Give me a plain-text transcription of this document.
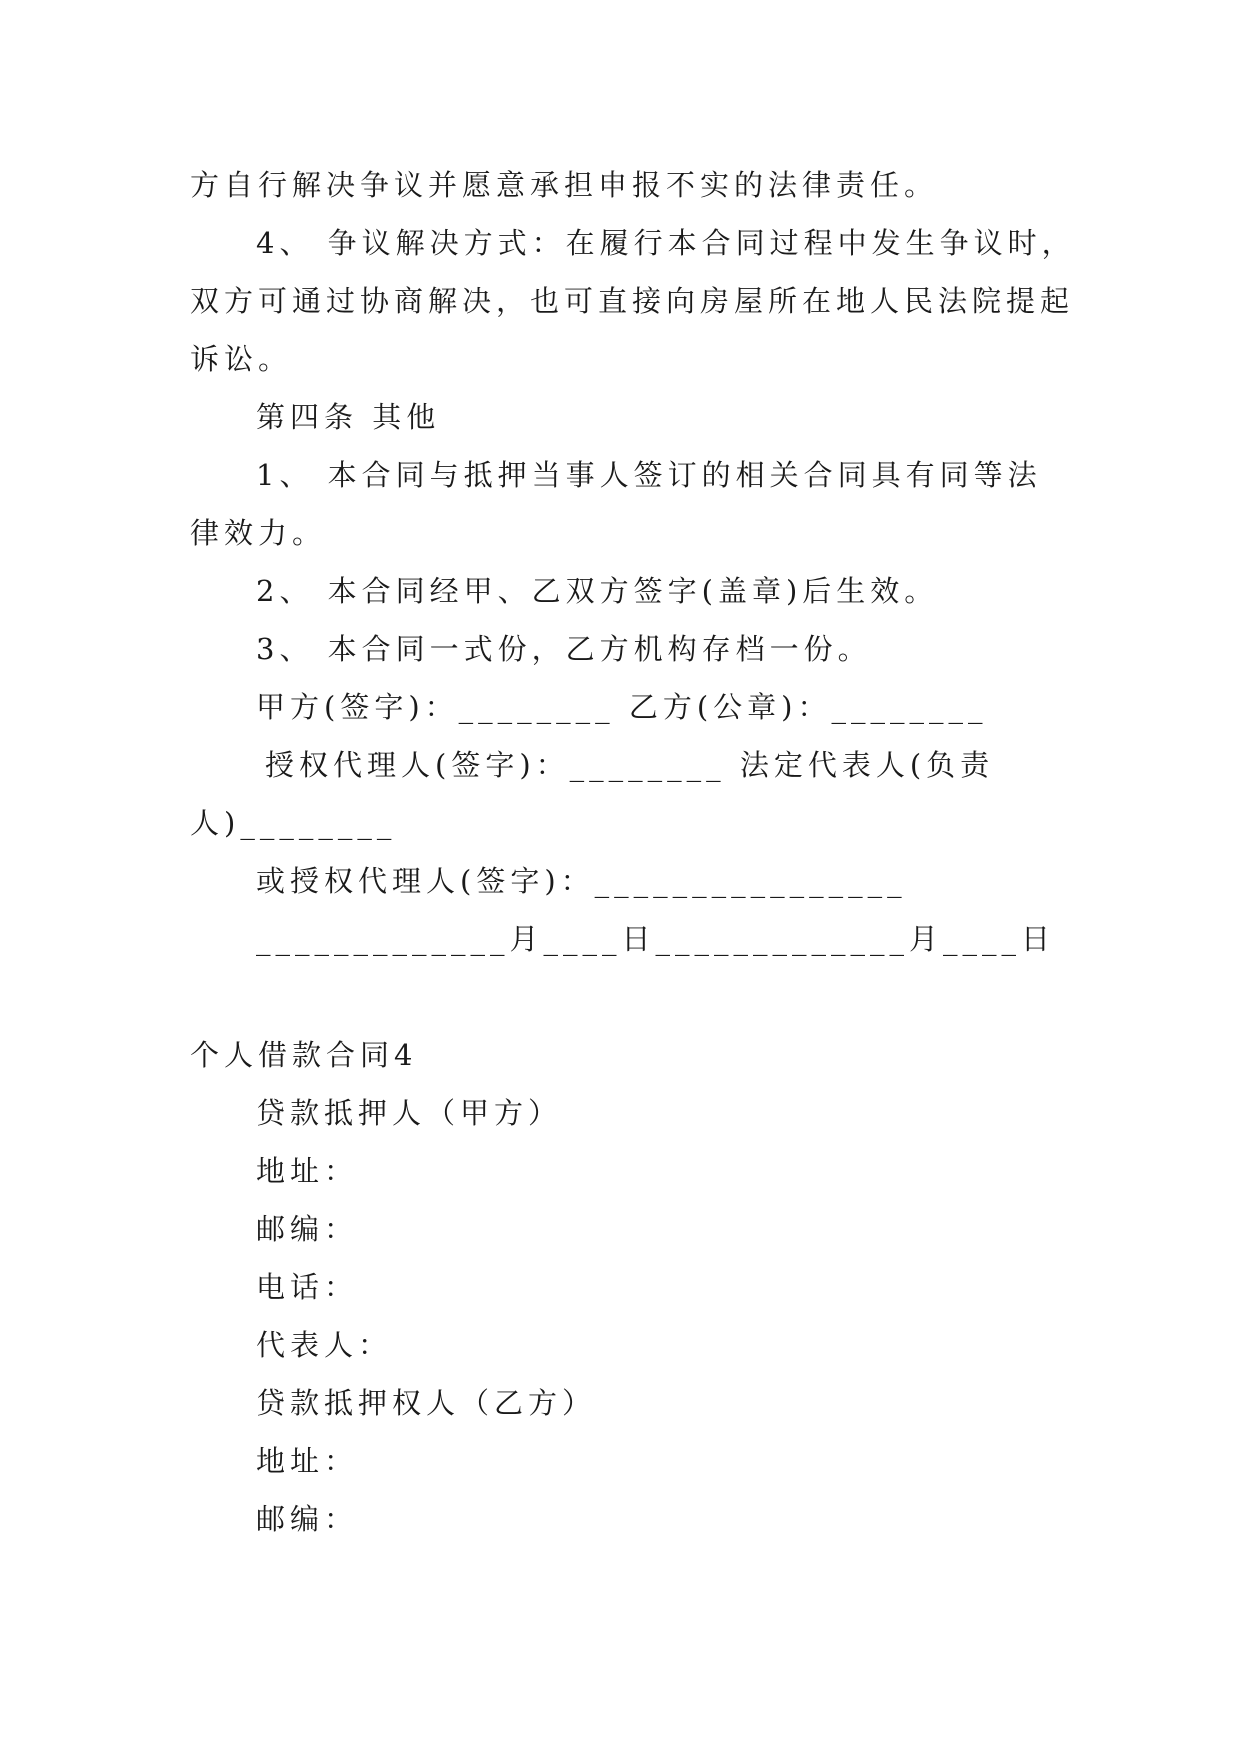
方自行解决争议并愿意承担申报不实的法律责任。
4、 争议解决方式：在履行本合同过程中发生争议时，
双方可通过协商解决，也可直接向房屋所在地人民法院提起
诉讼。
第四条 其他
1、 本合同与抵押当事人签订的相关合同具有同等法
律效力。
2、 本合同经甲、乙双方签字(盖章)后生效。
3、 本合同一式份，乙方机构存档一份。
甲方(签字)：________ 乙方(公章)：________
授权代理人(签字)：________ 法定代表人(负责
人)________
或授权代理人(签字)：________________
_____________月____日_____________月____日
个人借款合同4
贷款抵押人（甲方）
地址：
邮编：
电话：
代表人：
贷款抵押权人（乙方）
地址：
邮编：
